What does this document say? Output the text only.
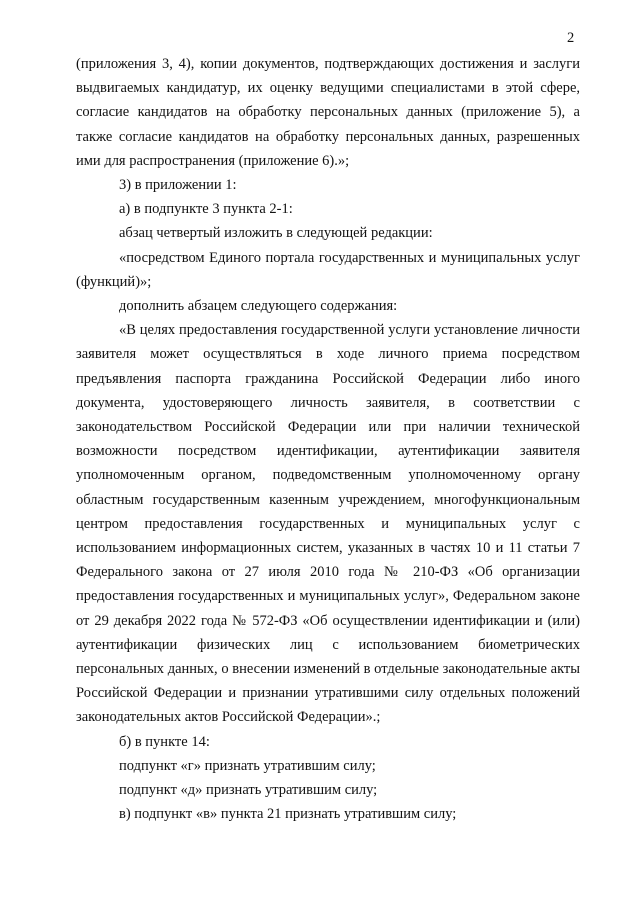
2

(приложения 3, 4), копии документов, подтверждающих достижения и заслуги выдвигаемых кандидатур, их оценку ведущими специалистами в этой сфере, согласие кандидатов на обработку персональных данных (приложение 5), а также согласие кандидатов на обработку персональных данных, разрешенных ими для распространения (приложение 6).»;

3) в приложении 1:

а) в подпункте 3 пункта 2-1:

абзац четвертый изложить в следующей редакции:

«посредством Единого портала государственных и муниципальных услуг (функций)»;

дополнить абзацем следующего содержания:

«В целях предоставления государственной услуги установление личности заявителя может осуществляться в ходе личного приема посредством предъявления паспорта гражданина Российской Федерации либо иного документа, удостоверяющего личность заявителя, в соответствии с законодательством Российской Федерации или при наличии технической возможности посредством идентификации, аутентификации заявителя уполномоченным органом, подведомственным уполномоченному органу областным государственным казенным учреждением, многофункциональным центром предоставления государственных и муниципальных услуг с использованием информационных систем, указанных в частях 10 и 11 статьи 7 Федерального закона от 27 июля 2010 года № 210-ФЗ «Об организации предоставления государственных и муниципальных услуг», Федеральном законе от 29 декабря 2022 года № 572-ФЗ «Об осуществлении идентификации и (или) аутентификации физических лиц с использованием биометрических персональных данных, о внесении изменений в отдельные законодательные акты Российской Федерации и признании утратившими силу отдельных положений законодательных актов Российской Федерации».;

б) в пункте 14:

подпункт «г» признать утратившим силу;

подпункт «д» признать утратившим силу;

в) подпункт «в» пункта 21 признать утратившим силу;
